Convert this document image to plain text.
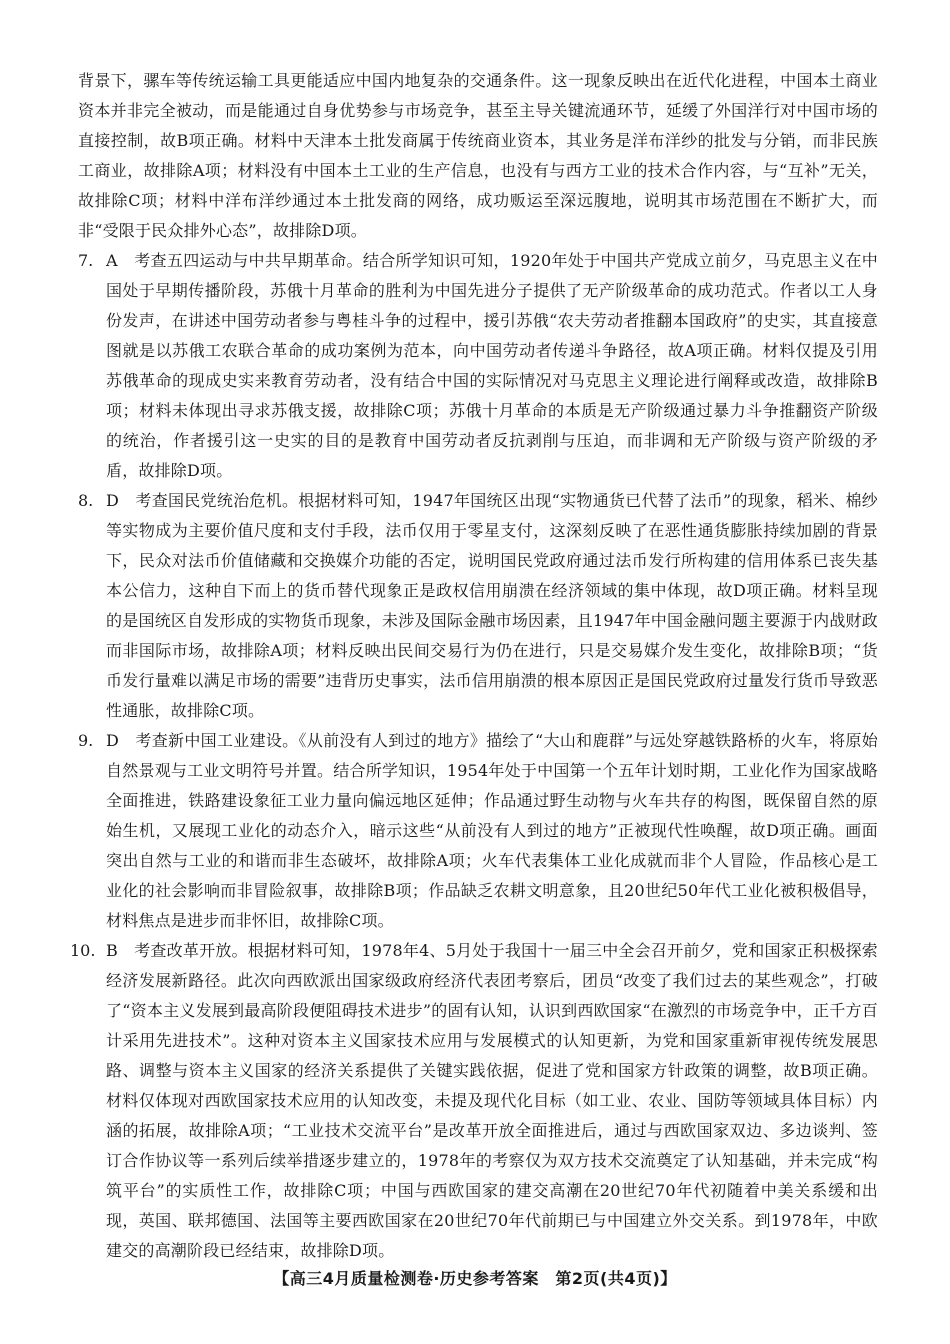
背景下，骡车等传统运输工具更能适应中国内地复杂的交通条件。这一现象反映出在近代化进程，中国本土商业资本并非完全被动，而是能通过自身优势参与市场竞争，甚至主导关键流通环节，延缓了外国洋行对中国市场的直接控制，故B项正确。材料中天津本土批发商属于传统商业资本，其业务是洋布洋纱的批发与分销，而非民族工商业，故排除A项；材料没有中国本土工业的生产信息，也没有与西方工业的技术合作内容，与“互补”无关，故排除C项；材料中洋布洋纱通过本土批发商的网络，成功贩运至深远腹地，说明其市场范围在不断扩大，而非“受限于民众排外心态”，故排除D项。

7. A　考查五四运动与中共早期革命。结合所学知识可知，1920年处于中国共产党成立前夕，马克思主义在中国处于早期传播阶段，苏俄十月革命的胜利为中国先进分子提供了无产阶级革命的成功范式。作者以工人身份发声，在讲述中国劳动者参与粤桂斗争的过程中，援引苏俄“农夫劳动者推翻本国政府”的史实，其直接意图就是以苏俄工农联合革命的成功案例为范本，向中国劳动者传递斗争路径，故A项正确。材料仅提及引用苏俄革命的现成史实来教育劳动者，没有结合中国的实际情况对马克思主义理论进行阐释或改造，故排除B项；材料未体现出寻求苏俄支援，故排除C项；苏俄十月革命的本质是无产阶级通过暴力斗争推翻资产阶级的统治，作者援引这一史实的目的是教育中国劳动者反抗剥削与压迫，而非调和无产阶级与资产阶级的矛盾，故排除D项。

8. D　考查国民党统治危机。根据材料可知，1947年国统区出现“实物通货已代替了法币”的现象，稻米、棉纱等实物成为主要价值尺度和支付手段，法币仅用于零星支付，这深刻反映了在恶性通货膨胀持续加剧的背景下，民众对法币价值储藏和交换媒介功能的否定，说明国民党政府通过法币发行所构建的信用体系已丧失基本公信力，这种自下而上的货币替代现象正是政权信用崩溃在经济领域的集中体现，故D项正确。材料呈现的是国统区自发形成的实物货币现象，未涉及国际金融市场因素，且1947年中国金融问题主要源于内战财政而非国际市场，故排除A项；材料反映出民间交易行为仍在进行，只是交易媒介发生变化，故排除B项；“货币发行量难以满足市场的需要”违背历史事实，法币信用崩溃的根本原因正是国民党政府过量发行货币导致恶性通胀，故排除C项。

9. D　考查新中国工业建设。《从前没有人到过的地方》描绘了“大山和鹿群”与远处穿越铁路桥的火车，将原始自然景观与工业文明符号并置。结合所学知识，1954年处于中国第一个五年计划时期，工业化作为国家战略全面推进，铁路建设象征工业力量向偏远地区延伸；作品通过野生动物与火车共存的构图，既保留自然的原始生机，又展现工业化的动态介入，暗示这些“从前没有人到过的地方”正被现代性唤醒，故D项正确。画面突出自然与工业的和谐而非生态破坏，故排除A项；火车代表集体工业化成就而非个人冒险，作品核心是工业化的社会影响而非冒险叙事，故排除B项；作品缺乏农耕文明意象，且20世纪50年代工业化被积极倡导，材料焦点是进步而非怀旧，故排除C项。

10. B　考查改革开放。根据材料可知，1978年4、5月处于我国十一届三中全会召开前夕，党和国家正积极探索经济发展新路径。此次向西欧派出国家级政府经济代表团考察后，团员“改变了我们过去的某些观念”，打破了“资本主义发展到最高阶段便阻碍技术进步”的固有认知，认识到西欧国家“在激烈的市场竞争中，正千方百计采用先进技术”。这种对资本主义国家技术应用与发展模式的认知更新，为党和国家重新审视传统发展思路、调整与资本主义国家的经济关系提供了关键实践依据，促进了党和国家方针政策的调整，故B项正确。材料仅体现对西欧国家技术应用的认知改变，未提及现代化目标（如工业、农业、国防等领域具体目标）内涵的拓展，故排除A项；“工业技术交流平台”是改革开放全面推进后，通过与西欧国家双边、多边谈判、签订合作协议等一系列后续举措逐步建立的，1978年的考察仅为双方技术交流奠定了认知基础，并未完成“构筑平台”的实质性工作，故排除C项；中国与西欧国家的建交高潮在20世纪70年代初随着中美关系缓和出现，英国、联邦德国、法国等主要西欧国家在20世纪70年代前期已与中国建立外交关系。到1978年，中欧建交的高潮阶段已经结束，故排除D项。

【高三4月质量检测卷·历史参考答案　第2页(共4页)】
